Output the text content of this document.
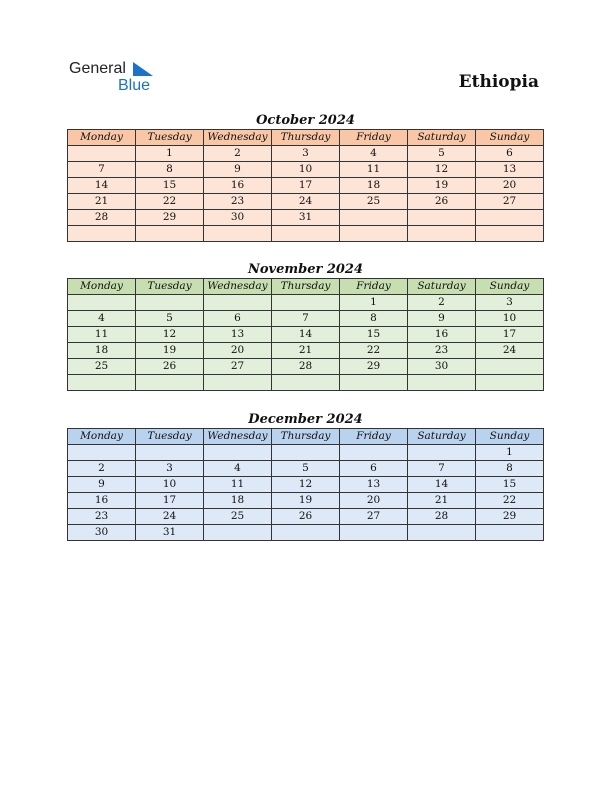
General
Blue	Ethiopia
October 2024
Monday	Tuesday	Wednesday	Thursday	Friday	Saturday	Sunday
	1	2	3	4	5	6
7	8	9	10	11	12	13
14	15	16	17	18	19	20
21	22	23	24	25	26	27
28	29	30	31			

November 2024
Monday	Tuesday	Wednesday	Thursday	Friday	Saturday	Sunday
				1	2	3
4	5	6	7	8	9	10
11	12	13	14	15	16	17
18	19	20	21	22	23	24
25	26	27	28	29	30	

December 2024
Monday	Tuesday	Wednesday	Thursday	Friday	Saturday	Sunday
						1
2	3	4	5	6	7	8
9	10	11	12	13	14	15
16	17	18	19	20	21	22
23	24	25	26	27	28	29
30	31					
